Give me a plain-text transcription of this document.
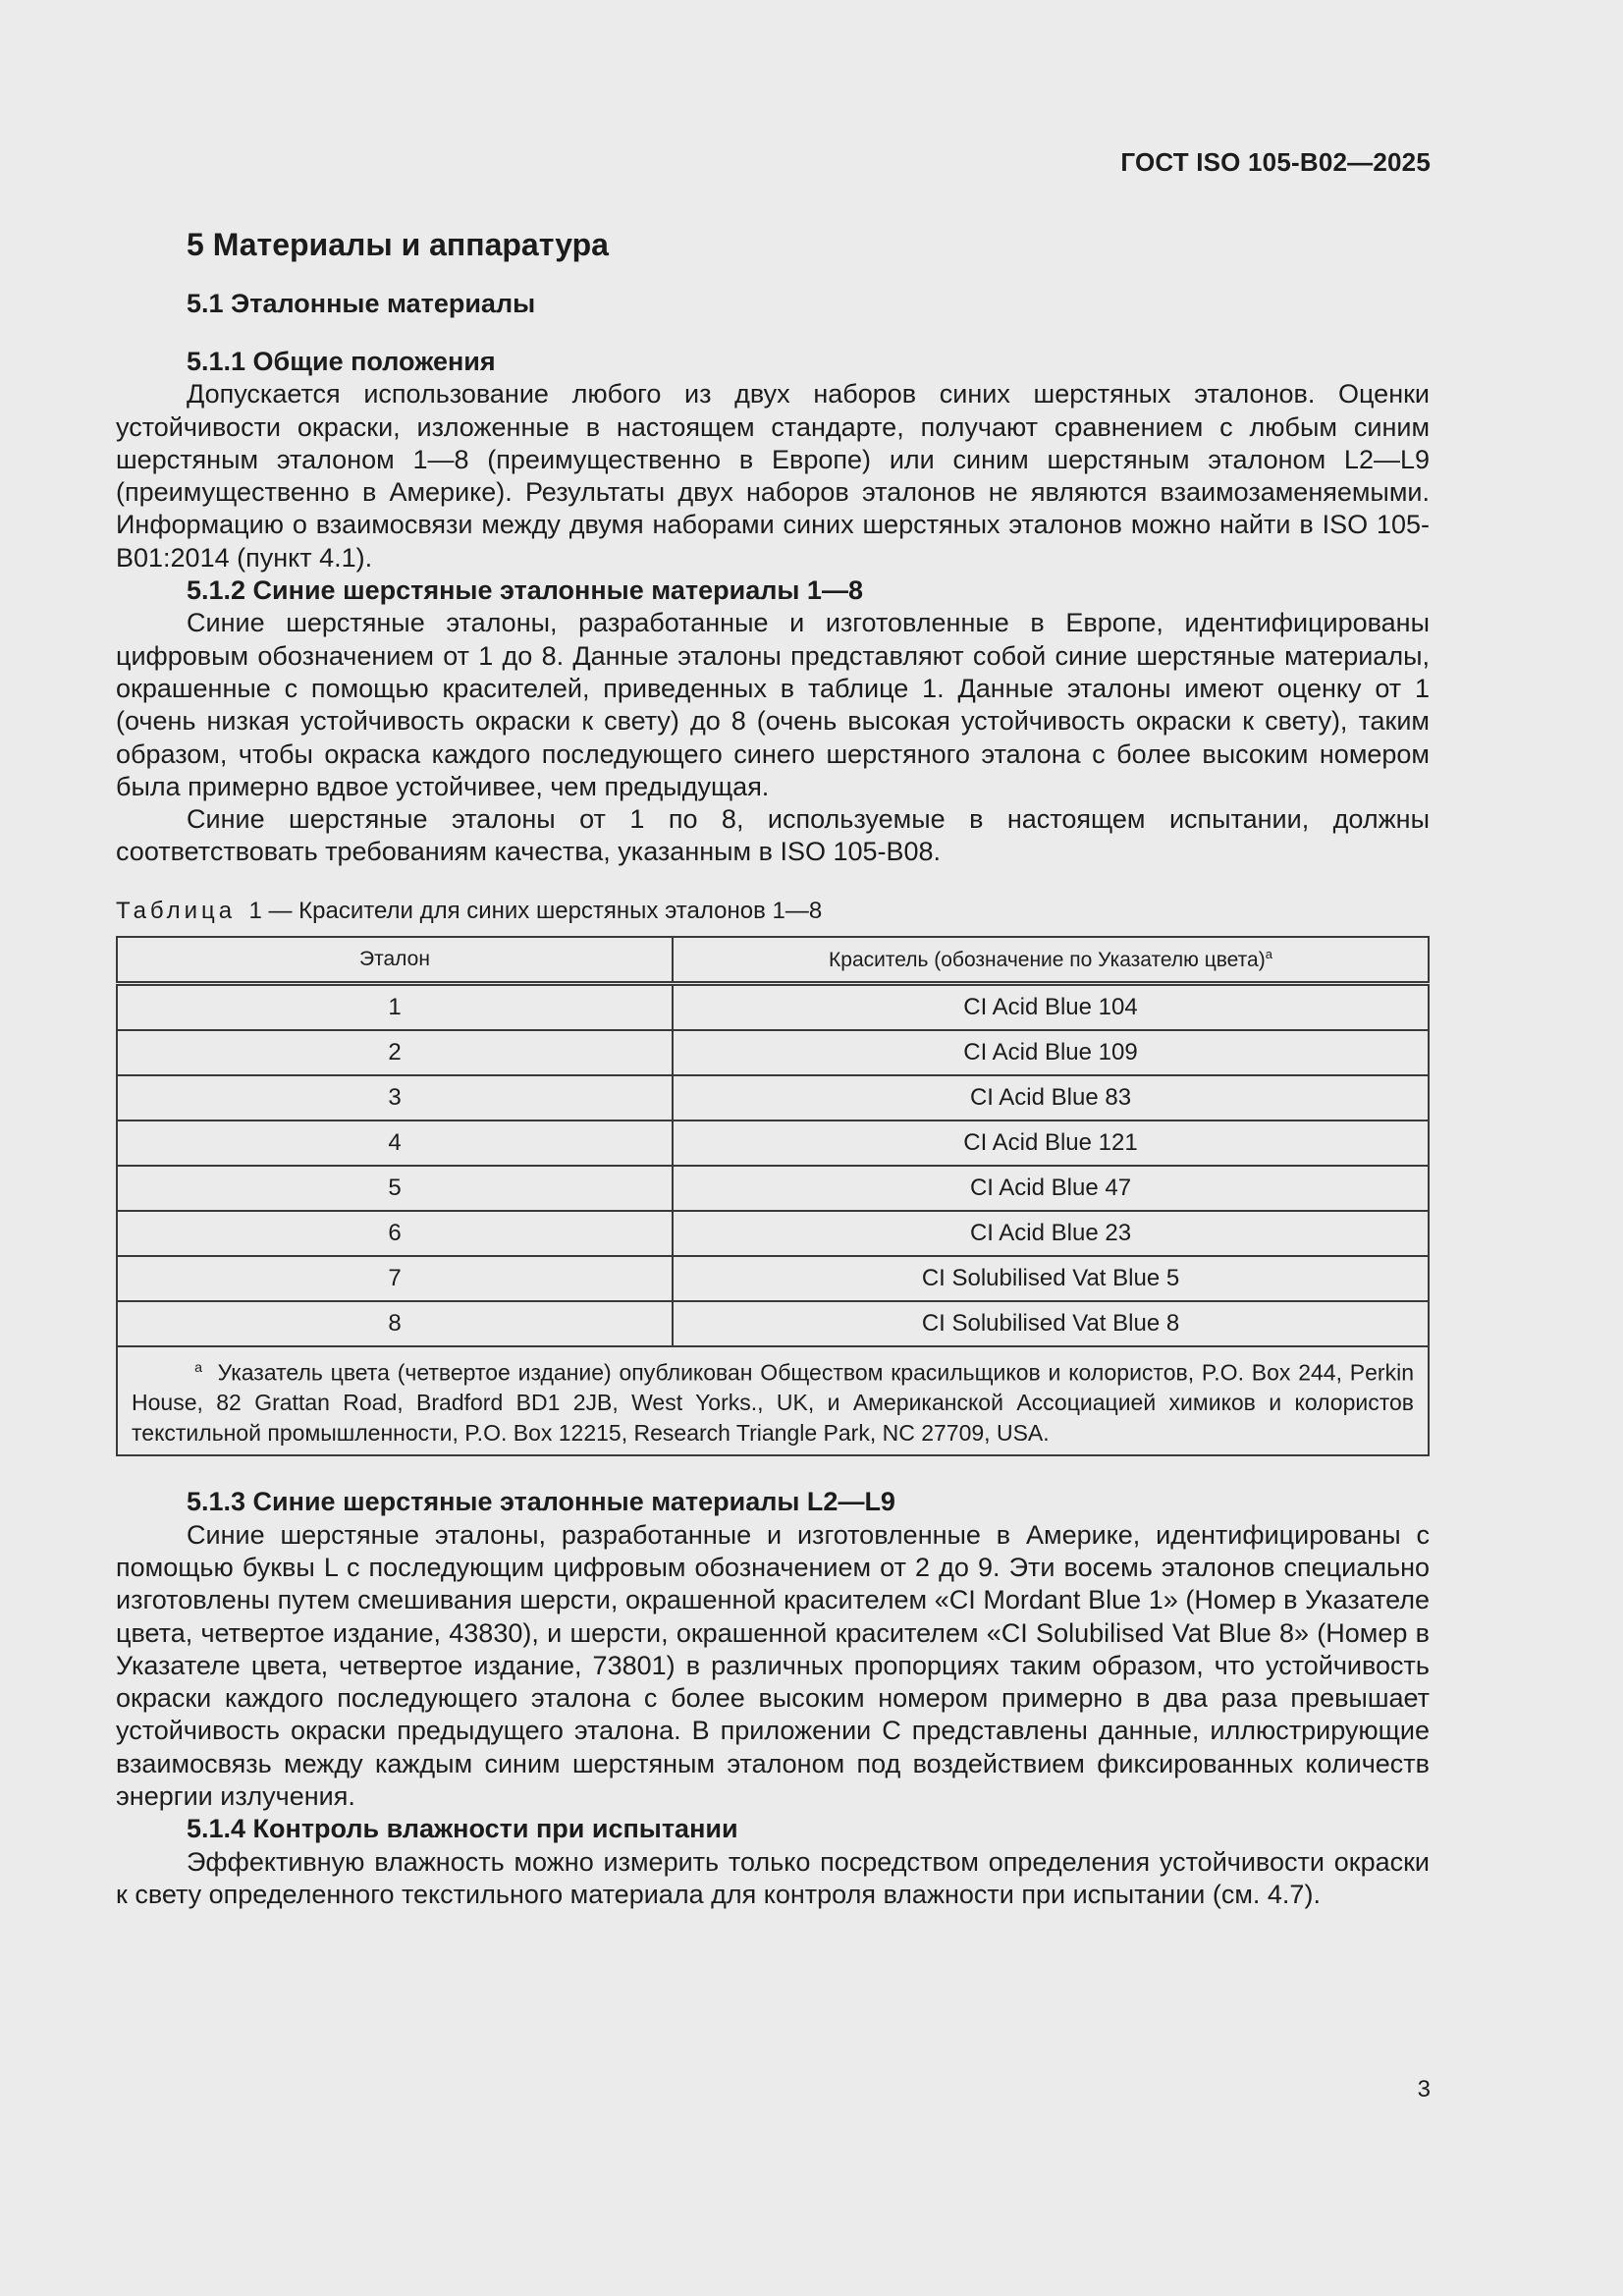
ГОСТ ISO 105-B02—2025
5 Материалы и аппаратура
5.1 Эталонные материалы
5.1.1 Общие положения

Допускается использование любого из двух наборов синих шерстяных эталонов. Оценки устойчивости окраски, изложенные в настоящем стандарте, получают сравнением с любым синим шерстяным эталоном 1—8 (преимущественно в Европе) или синим шерстяным эталоном L2—L9 (преимущественно в Америке). Результаты двух наборов эталонов не являются взаимозаменяемыми. Информацию о взаимосвязи между двумя наборами синих шерстяных эталонов можно найти в ISO 105-B01:2014 (пункт 4.1).

5.1.2 Синие шерстяные эталонные материалы 1—8

Синие шерстяные эталоны, разработанные и изготовленные в Европе, идентифицированы цифровым обозначением от 1 до 8. Данные эталоны представляют собой синие шерстяные материалы, окрашенные с помощью красителей, приведенных в таблице 1. Данные эталоны имеют оценку от 1 (очень низкая устойчивость окраски к свету) до 8 (очень высокая устойчивость окраски к свету), таким образом, чтобы окраска каждого последующего синего шерстяного эталона с более высоким номером была примерно вдвое устойчивее, чем предыдущая.

Синие шерстяные эталоны от 1 по 8, используемые в настоящем испытании, должны соответствовать требованиям качества, указанным в ISO 105-B08.

Таблица 1 — Красители для синих шерстяных эталонов 1—8
Эталон	Краситель (обозначение по Указателю цвета)$^a$
1	CI Acid Blue 104
2	CI Acid Blue 109
3	CI Acid Blue 83
4	CI Acid Blue 121
5	CI Acid Blue 47
6	CI Acid Blue 23
7	CI Solubilised Vat Blue 5
8	CI Solubilised Vat Blue 8
$^a$ Указатель цвета (четвертое издание) опубликован Обществом красильщиков и колористов, P.O. Box 244, Perkin House, 82 Grattan Road, Bradford BD1 2JB, West Yorks., UK, и Американской Ассоциацией химиков и колористов текстильной промышленности, P.O. Box 12215, Research Triangle Park, NC 27709, USA.	
5.1.3 Синие шерстяные эталонные материалы L2—L9

Синие шерстяные эталоны, разработанные и изготовленные в Америке, идентифицированы с помощью буквы L с последующим цифровым обозначением от 2 до 9. Эти восемь эталонов специально изготовлены путем смешивания шерсти, окрашенной красителем «CI Mordant Blue 1» (Номер в Указателе цвета, четвертое издание, 43830), и шерсти, окрашенной красителем «CI Solubilised Vat Blue 8» (Номер в Указателе цвета, четвертое издание, 73801) в различных пропорциях таким образом, что устойчивость окраски каждого последующего эталона с более высоким номером примерно в два раза превышает устойчивость окраски предыдущего эталона. В приложении С представлены данные, иллюстрирующие взаимосвязь между каждым синим шерстяным эталоном под воздействием фиксированных количеств энергии излучения.

5.1.4 Контроль влажности при испытании

Эффективную влажность можно измерить только посредством определения устойчивости окраски к свету определенного текстильного материала для контроля влажности при испытании (см. 4.7).

3
